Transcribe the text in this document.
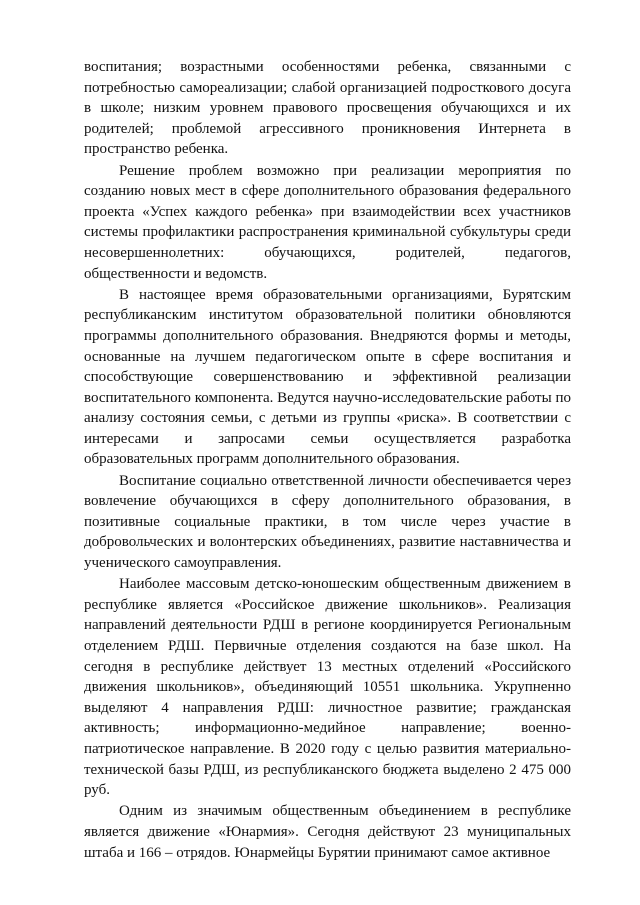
воспитания; возрастными особенностями ребенка, связанными с потребностью самореализации; слабой организацией подросткового досуга в школе; низким уровнем правового просвещения обучающихся и их родителей; проблемой агрессивного проникновения Интернета в пространство ребенка.

Решение проблем возможно при реализации мероприятия по созданию новых мест в сфере дополнительного образования федерального проекта «Успех каждого ребенка» при взаимодействии всех участников системы профилактики распространения криминальной субкультуры среди несовершеннолетних: обучающихся, родителей, педагогов, общественности и ведомств.

В настоящее время образовательными организациями, Бурятским республиканским институтом образовательной политики обновляются программы дополнительного образования. Внедряются формы и методы, основанные на лучшем педагогическом опыте в сфере воспитания и способствующие совершенствованию и эффективной реализации воспитательного компонента. Ведутся научно-исследовательские работы по анализу состояния семьи, с детьми из группы «риска». В соответствии с интересами и запросами семьи осуществляется разработка образовательных программ дополнительного образования.

Воспитание социально ответственной личности обеспечивается через вовлечение обучающихся в сферу дополнительного образования, в позитивные социальные практики, в том числе через участие в добровольческих и волонтерских объединениях, развитие наставничества и ученического самоуправления.

Наиболее массовым детско-юношеским общественным движением в республике является «Российское движение школьников». Реализация направлений деятельности РДШ в регионе координируется Региональным отделением РДШ. Первичные отделения создаются на базе школ. На сегодня в республике действует 13 местных отделений «Российского движения школьников», объединяющий 10551 школьника. Укрупненно выделяют 4 направления РДШ: личностное развитие; гражданская активность; информационно-медийное направление; военно-патриотическое направление. В 2020 году с целью развития материально-технической базы РДШ, из республиканского бюджета выделено 2 475 000 руб.

Одним из значимым общественным объединением в республике является движение «Юнармия». Сегодня действуют 23 муниципальных штаба и 166 – отрядов. Юнармейцы Бурятии принимают самое активное
